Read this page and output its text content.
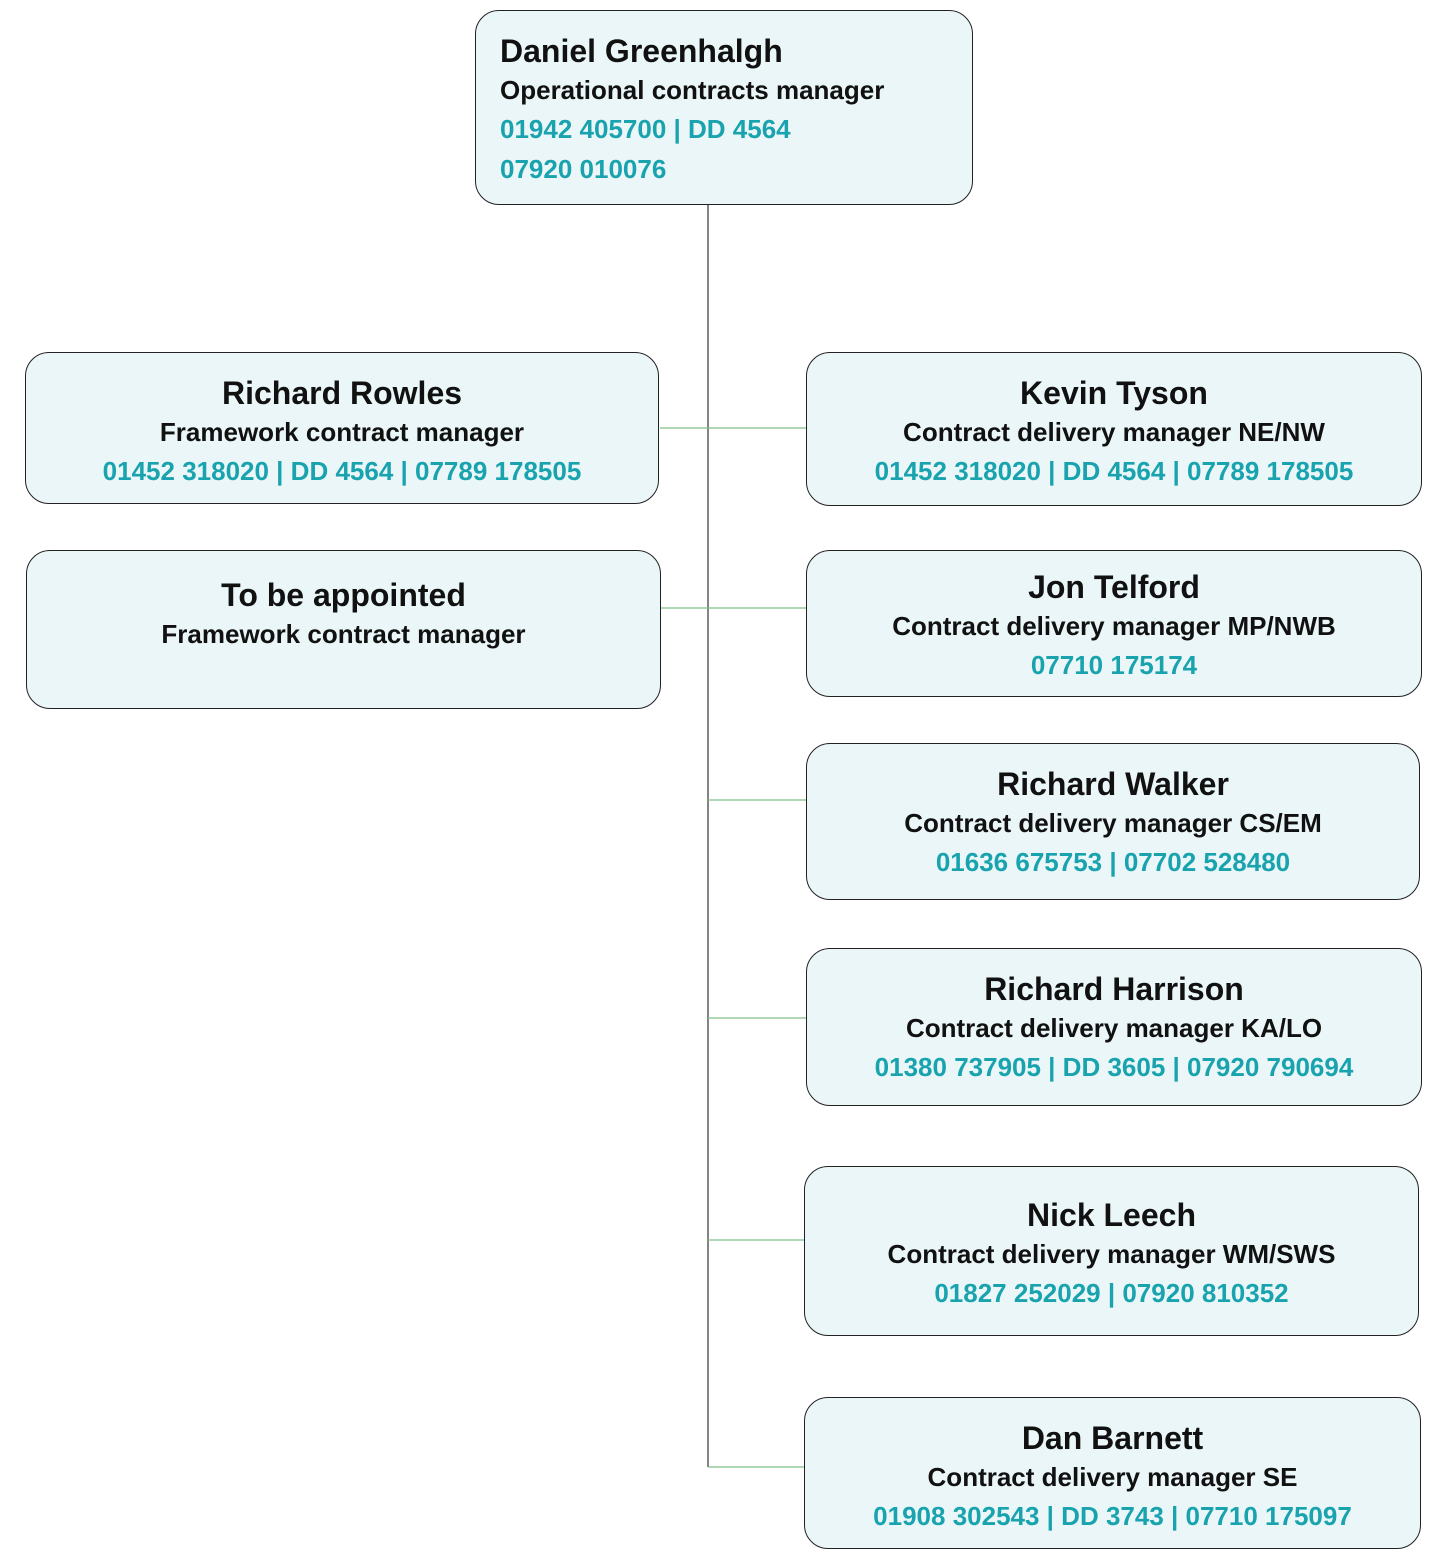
Daniel Greenhalgh
Operational contracts manager
01942 405700 | DD 4564
07920 010076
Richard Rowles
Framework contract manager
01452 318020 | DD 4564 | 07789 178505
To be appointed
Framework contract manager
Kevin Tyson
Contract delivery manager NE/NW
01452 318020 | DD 4564 | 07789 178505
Jon Telford
Contract delivery manager MP/NWB
07710 175174
Richard Walker
Contract delivery manager CS/EM
01636 675753 | 07702 528480
Richard Harrison
Contract delivery manager KA/LO
01380 737905 | DD 3605 | 07920 790694
Nick Leech
Contract delivery manager WM/SWS
01827 252029 | 07920 810352
Dan Barnett
Contract delivery manager SE
01908 302543 | DD 3743 | 07710 175097
